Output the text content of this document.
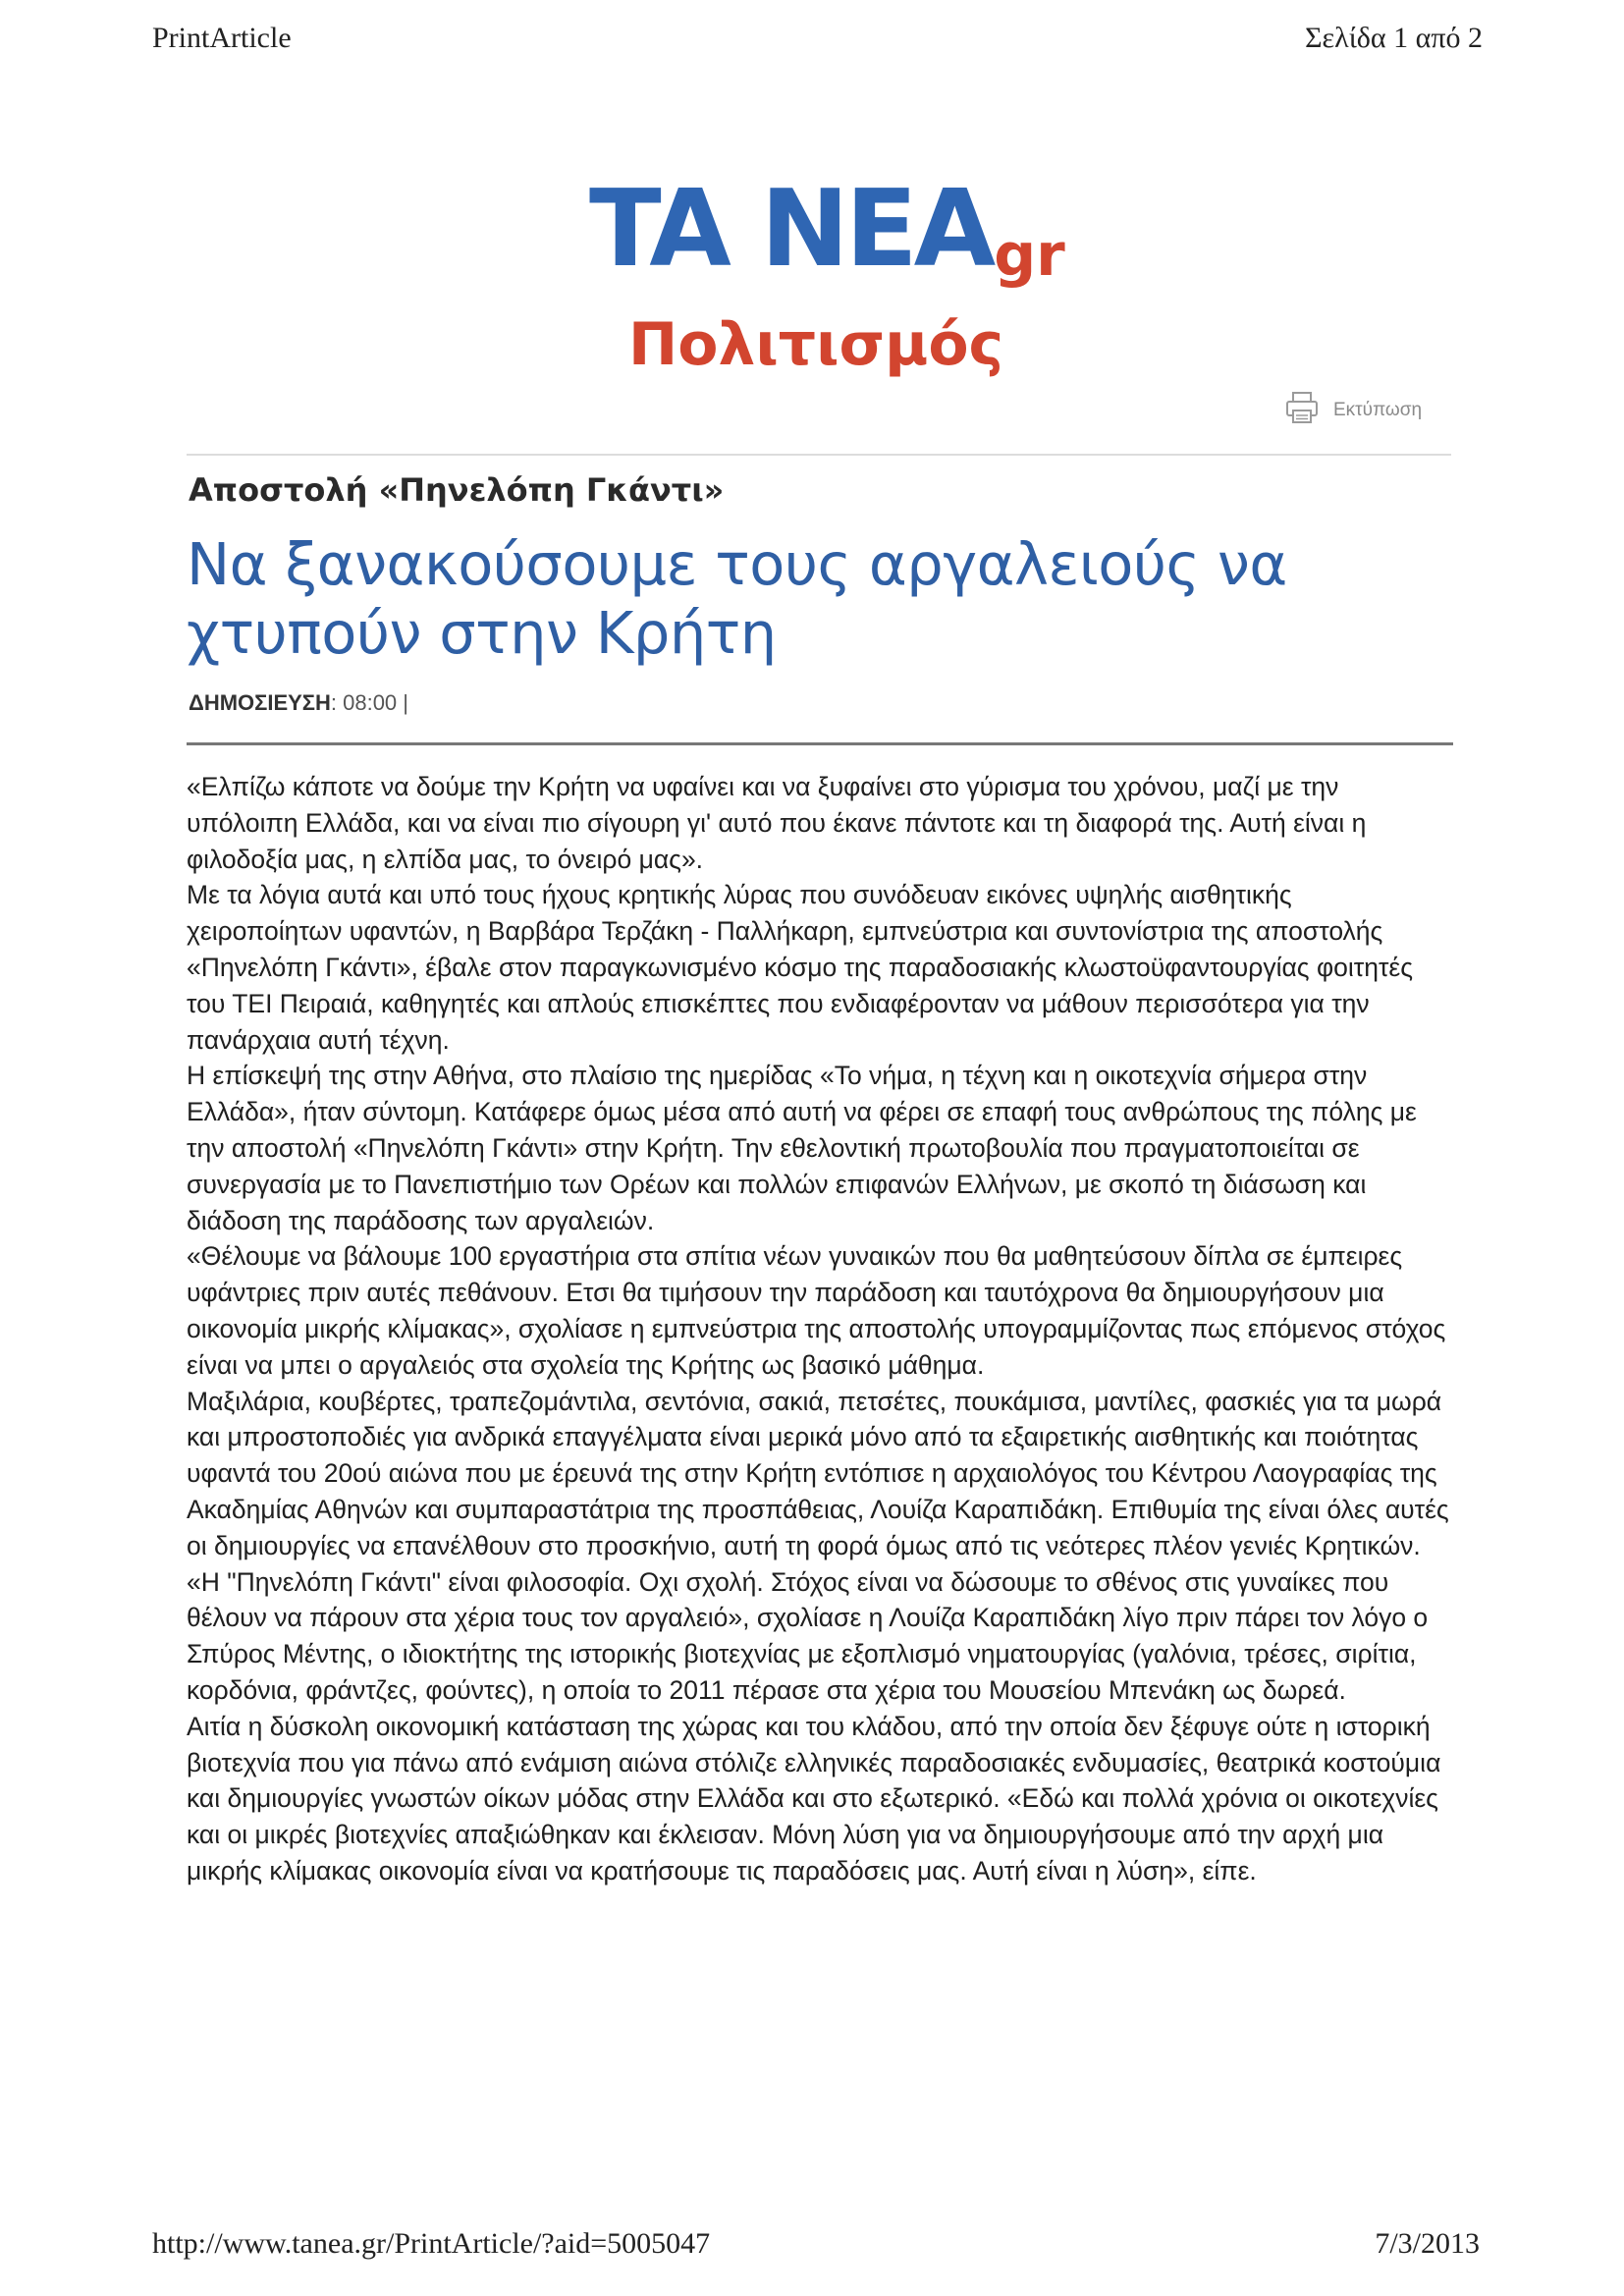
PrintArticle	Σελίδα 1 από 2
TA NEA gr
Πολιτισμός
Εκτύπωση
Αποστολή «Πηνελόπη Γκάντι»
Να ξανακούσουμε τους αργαλειούς να χτυπούν στην Κρήτη
ΔΗΜΟΣΙΕΥΣΗ: 08:00 |

«Ελπίζω κάποτε να δούμε την Κρήτη να υφαίνει και να ξυφαίνει στο γύρισμα του χρόνου, μαζί με την υπόλοιπη Ελλάδα, και να είναι πιο σίγουρη γι' αυτό που έκανε πάντοτε και τη διαφορά της. Αυτή είναι η φιλοδοξία μας, η ελπίδα μας, το όνειρό μας».

Με τα λόγια αυτά και υπό τους ήχους κρητικής λύρας που συνόδευαν εικόνες υψηλής αισθητικής χειροποίητων υφαντών, η Βαρβάρα Τερζάκη - Παλλήκαρη, εμπνεύστρια και συντονίστρια της αποστολής «Πηνελόπη Γκάντι», έβαλε στον παραγκωνισμένο κόσμο της παραδοσιακής κλωστοϋφαντουργίας φοιτητές του ΤΕΙ Πειραιά, καθηγητές και απλούς επισκέπτες που ενδιαφέρονταν να μάθουν περισσότερα για την πανάρχαια αυτή τέχνη.

Η επίσκεψή της στην Αθήνα, στο πλαίσιο της ημερίδας «Το νήμα, η τέχνη και η οικοτεχνία σήμερα στην Ελλάδα», ήταν σύντομη. Κατάφερε όμως μέσα από αυτή να φέρει σε επαφή τους ανθρώπους της πόλης με την αποστολή «Πηνελόπη Γκάντι» στην Κρήτη. Την εθελοντική πρωτοβουλία που πραγματοποιείται σε συνεργασία με το Πανεπιστήμιο των Ορέων και πολλών επιφανών Ελλήνων, με σκοπό τη διάσωση και διάδοση της παράδοσης των αργαλειών.

«Θέλουμε να βάλουμε 100 εργαστήρια στα σπίτια νέων γυναικών που θα μαθητεύσουν δίπλα σε έμπειρες υφάντριες πριν αυτές πεθάνουν. Ετσι θα τιμήσουν την παράδοση και ταυτόχρονα θα δημιουργήσουν μια οικονομία μικρής κλίμακας», σχολίασε η εμπνεύστρια της αποστολής υπογραμμίζοντας πως επόμενος στόχος είναι να μπει ο αργαλειός στα σχολεία της Κρήτης ως βασικό μάθημα.

Μαξιλάρια, κουβέρτες, τραπεζομάντιλα, σεντόνια, σακιά, πετσέτες, πουκάμισα, μαντίλες, φασκιές για τα μωρά και μπροστοποδιές για ανδρικά επαγγέλματα είναι μερικά μόνο από τα εξαιρετικής αισθητικής και ποιότητας υφαντά του 20ού αιώνα που με έρευνά της στην Κρήτη εντόπισε η αρχαιολόγος του Κέντρου Λαογραφίας της Ακαδημίας Αθηνών και συμπαραστάτρια της προσπάθειας, Λουίζα Καραπιδάκη. Επιθυμία της είναι όλες αυτές οι δημιουργίες να επανέλθουν στο προσκήνιο, αυτή τη φορά όμως από τις νεότερες πλέον γενιές Κρητικών.

«Η "Πηνελόπη Γκάντι" είναι φιλοσοφία. Οχι σχολή. Στόχος είναι να δώσουμε το σθένος στις γυναίκες που θέλουν να πάρουν στα χέρια τους τον αργαλειό», σχολίασε η Λουίζα Καραπιδάκη λίγο πριν πάρει τον λόγο ο Σπύρος Μέντης, ο ιδιοκτήτης της ιστορικής βιοτεχνίας με εξοπλισμό νηματουργίας (γαλόνια, τρέσες, σιρίτια, κορδόνια, φράντζες, φούντες), η οποία το 2011 πέρασε στα χέρια του Μουσείου Μπενάκη ως δωρεά.

Αιτία η δύσκολη οικονομική κατάσταση της χώρας και του κλάδου, από την οποία δεν ξέφυγε ούτε η ιστορική βιοτεχνία που για πάνω από ενάμιση αιώνα στόλιζε ελληνικές παραδοσιακές ενδυμασίες, θεατρικά κοστούμια και δημιουργίες γνωστών οίκων μόδας στην Ελλάδα και στο εξωτερικό. «Εδώ και πολλά χρόνια οι οικοτεχνίες και οι μικρές βιοτεχνίες απαξιώθηκαν και έκλεισαν. Μόνη λύση για να δημιουργήσουμε από την αρχή μια μικρής κλίμακας οικονομία είναι να κρατήσουμε τις παραδόσεις μας. Αυτή είναι η λύση», είπε.

http://www.tanea.gr/PrintArticle/?aid=5005047	7/3/2013
